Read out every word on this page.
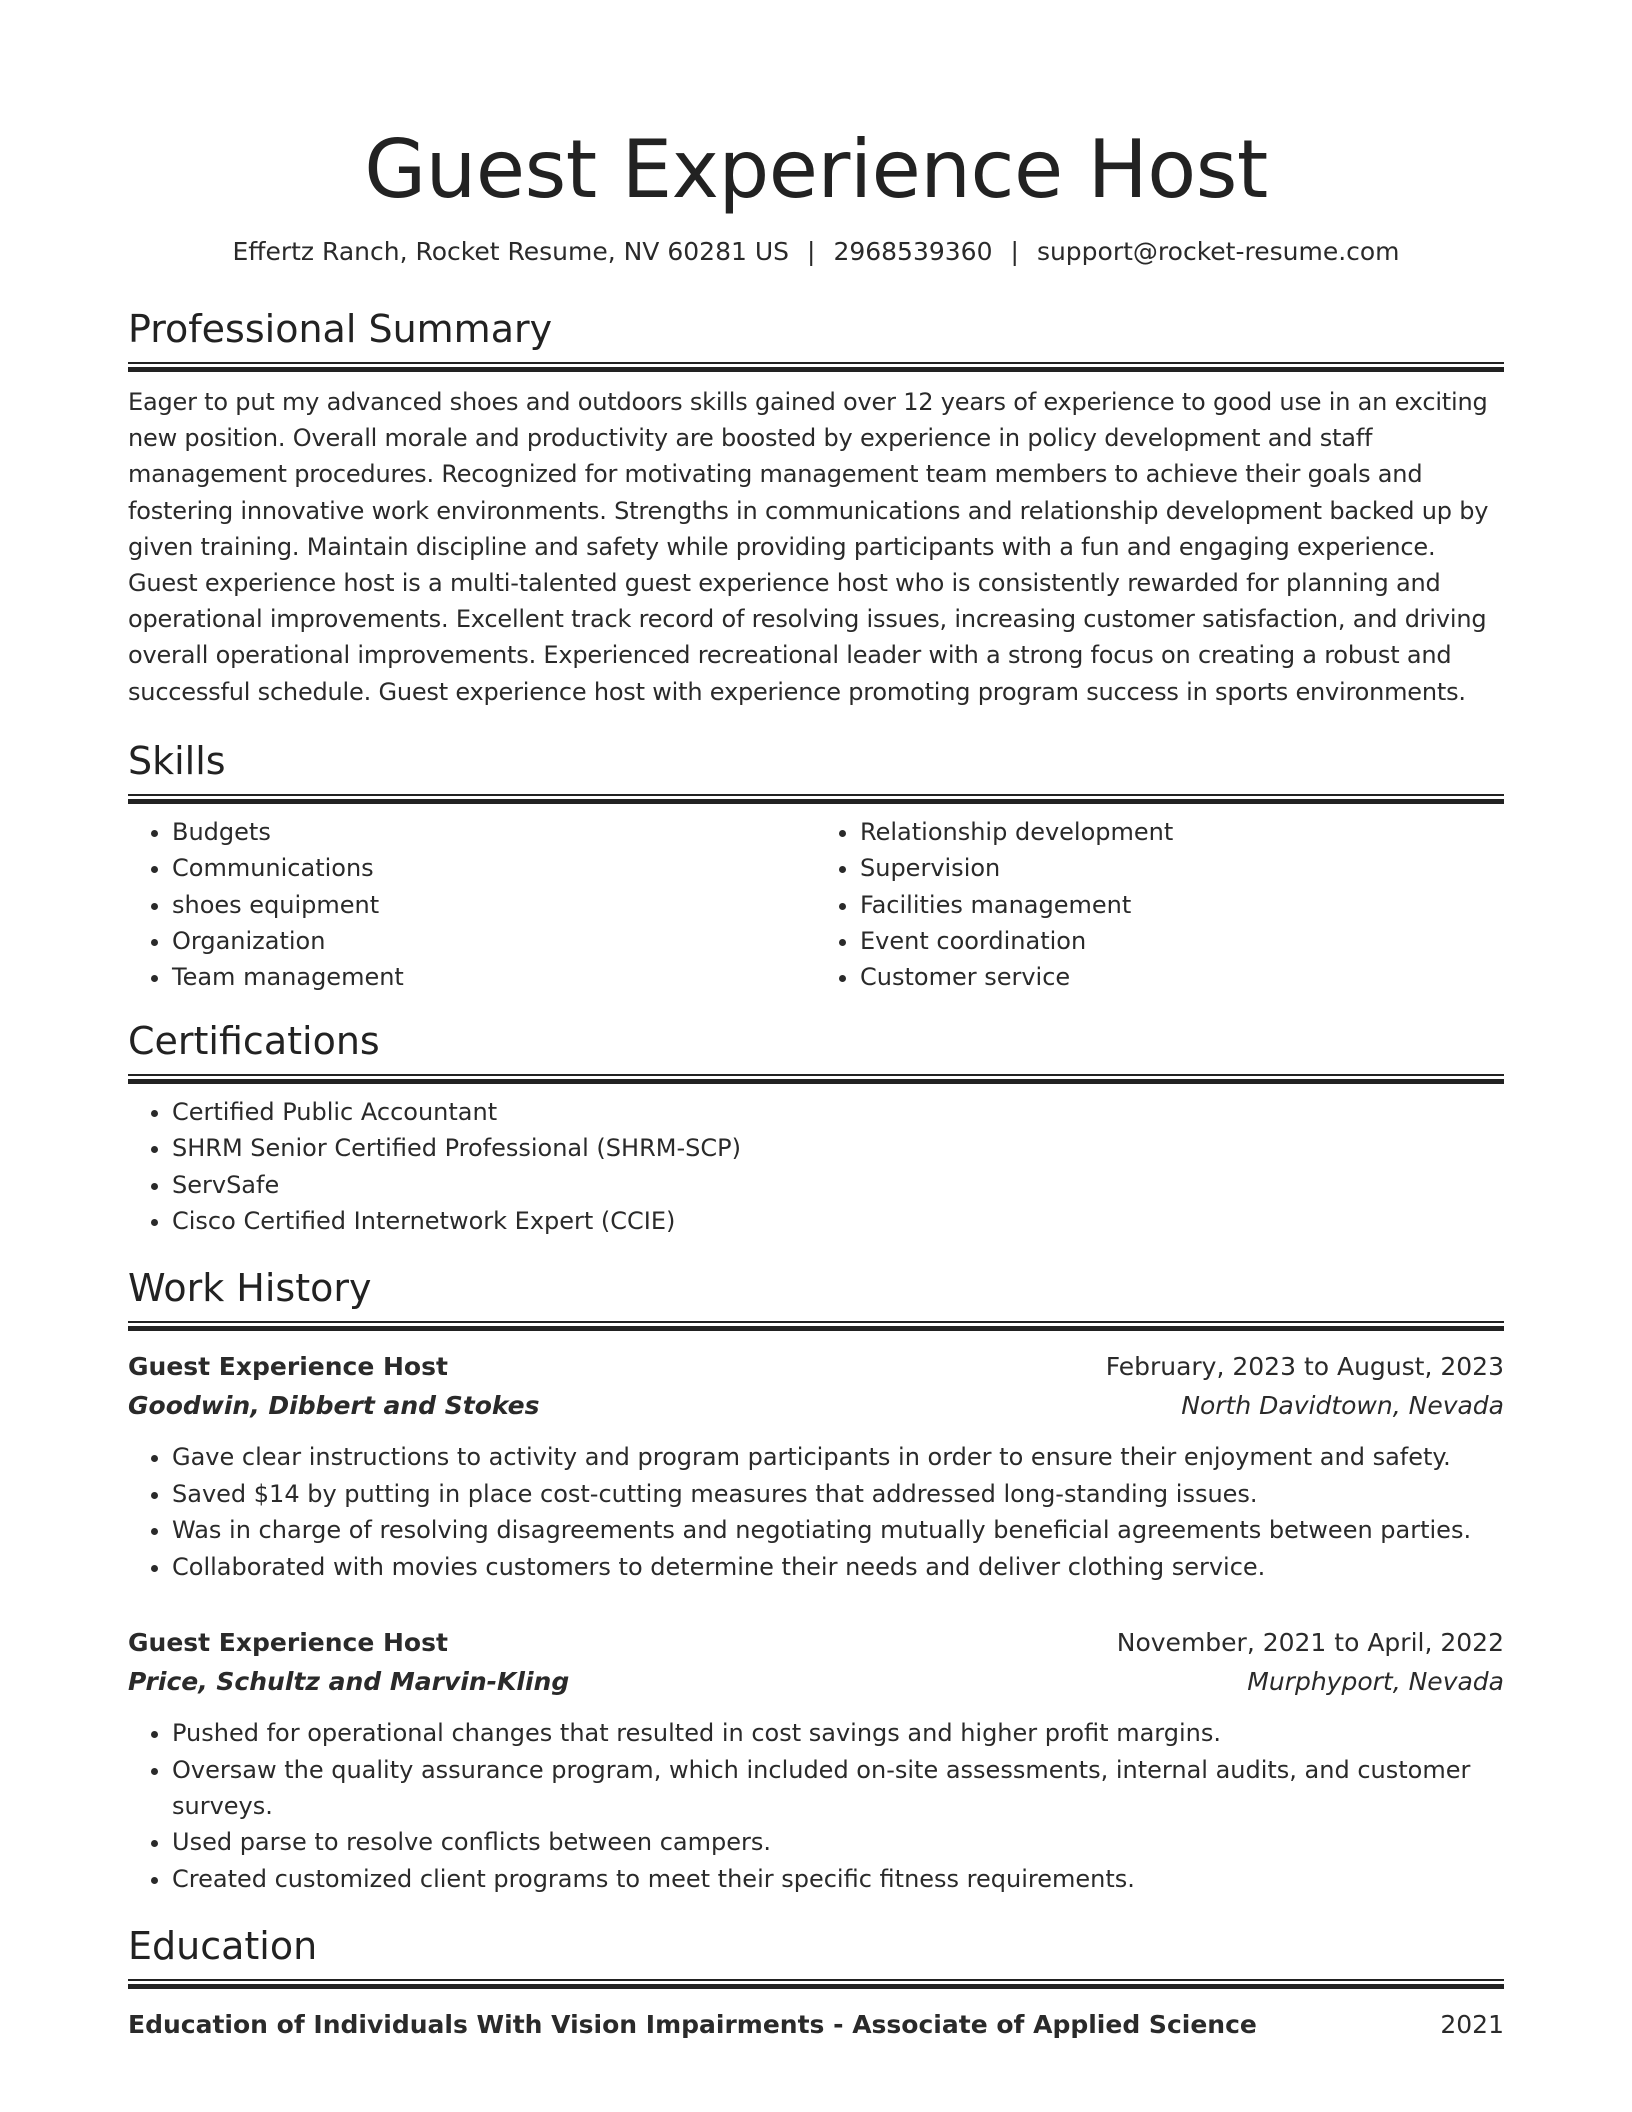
Guest Experience Host
Effertz Ranch, Rocket Resume, NV 60281 US | 2968539360 | support@rocket-resume.com
Professional Summary
Eager to put my advanced shoes and outdoors skills gained over 12 years of experience to good use in an exciting new position. Overall morale and productivity are boosted by experience in policy development and staff management procedures. Recognized for motivating management team members to achieve their goals and fostering innovative work environments. Strengths in communications and relationship development backed up by given training. Maintain discipline and safety while providing participants with a fun and engaging experience. Guest experience host is a multi-talented guest experience host who is consistently rewarded for planning and operational improvements. Excellent track record of resolving issues, increasing customer satisfaction, and driving overall operational improvements. Experienced recreational leader with a strong focus on creating a robust and successful schedule. Guest experience host with experience promoting program success in sports environments.
Skills
• Budgets
• Communications
• shoes equipment
• Organization
• Team management
• Relationship development
• Supervision
• Facilities management
• Event coordination
• Customer service
Certifications
• Certified Public Accountant
• SHRM Senior Certified Professional (SHRM-SCP)
• ServSafe
• Cisco Certified Internetwork Expert (CCIE)
Work History
Guest Experience Host	February, 2023 to August, 2023
Goodwin, Dibbert and Stokes	North Davidtown, Nevada
• Gave clear instructions to activity and program participants in order to ensure their enjoyment and safety.
• Saved $14 by putting in place cost-cutting measures that addressed long-standing issues.
• Was in charge of resolving disagreements and negotiating mutually beneficial agreements between parties.
• Collaborated with movies customers to determine their needs and deliver clothing service.
Guest Experience Host	November, 2021 to April, 2022
Price, Schultz and Marvin-Kling	Murphyport, Nevada
• Pushed for operational changes that resulted in cost savings and higher profit margins.
• Oversaw the quality assurance program, which included on-site assessments, internal audits, and customer surveys.
• Used parse to resolve conflicts between campers.
• Created customized client programs to meet their specific fitness requirements.
Education
Education of Individuals With Vision Impairments - Associate of Applied Science	2021
